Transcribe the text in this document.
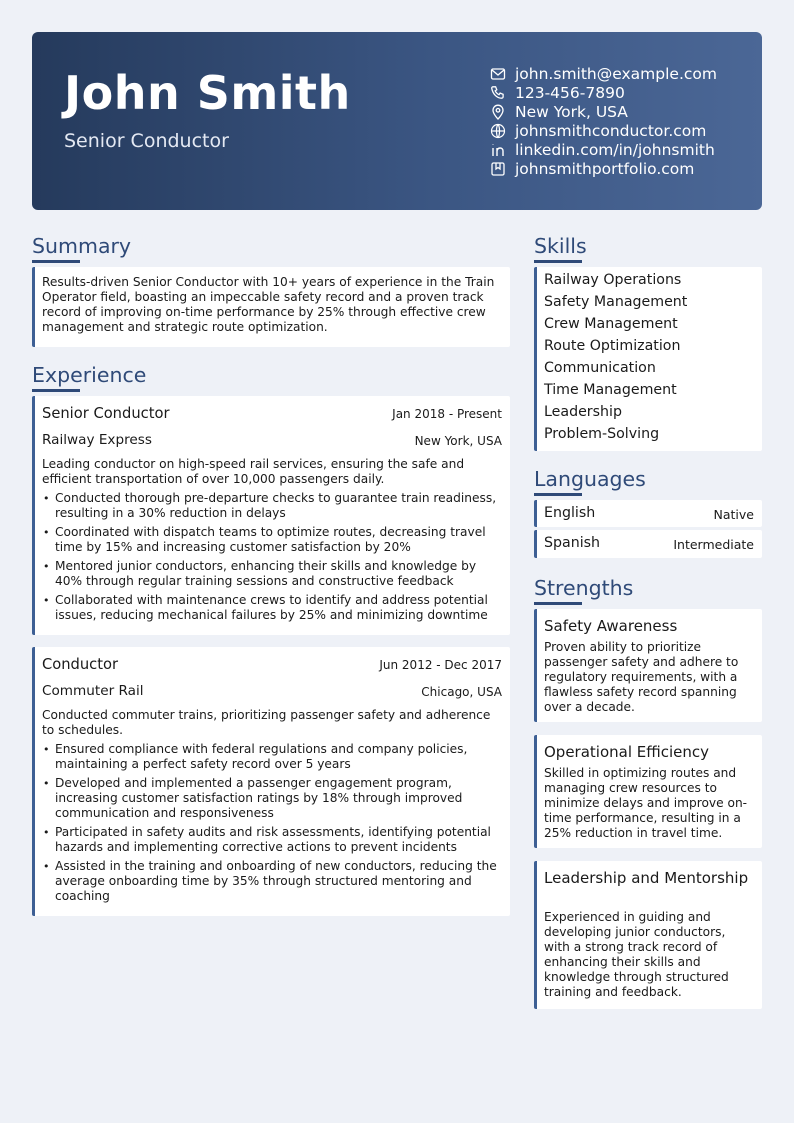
John Smith
Senior Conductor
john.smith@example.com
123-456-7890
New York, USA
johnsmithconductor.com
linkedin.com/in/johnsmith
johnsmithportfolio.com
Summary
Results-driven Senior Conductor with 10+ years of experience in the Train Operator field, boasting an impeccable safety record and a proven track record of improving on-time performance by 25% through effective crew management and strategic route optimization.
Experience
Senior Conductor	Jan 2018 - Present
Railway Express	New York, USA
Leading conductor on high-speed rail services, ensuring the safe and efficient transportation of over 10,000 passengers daily.
• Conducted thorough pre-departure checks to guarantee train readiness, resulting in a 30% reduction in delays
• Coordinated with dispatch teams to optimize routes, decreasing travel time by 15% and increasing customer satisfaction by 20%
• Mentored junior conductors, enhancing their skills and knowledge by 40% through regular training sessions and constructive feedback
• Collaborated with maintenance crews to identify and address potential issues, reducing mechanical failures by 25% and minimizing downtime
Conductor	Jun 2012 - Dec 2017
Commuter Rail	Chicago, USA
Conducted commuter trains, prioritizing passenger safety and adherence to schedules.
• Ensured compliance with federal regulations and company policies, maintaining a perfect safety record over 5 years
• Developed and implemented a passenger engagement program, increasing customer satisfaction ratings by 18% through improved communication and responsiveness
• Participated in safety audits and risk assessments, identifying potential hazards and implementing corrective actions to prevent incidents
• Assisted in the training and onboarding of new conductors, reducing the average onboarding time by 35% through structured mentoring and coaching
Skills
Railway Operations
Safety Management
Crew Management
Route Optimization
Communication
Time Management
Leadership
Problem-Solving
Languages
English	Native
Spanish	Intermediate
Strengths
Safety Awareness
Proven ability to prioritize passenger safety and adhere to regulatory requirements, with a flawless safety record spanning over a decade.
Operational Efficiency
Skilled in optimizing routes and managing crew resources to minimize delays and improve on-time performance, resulting in a 25% reduction in travel time.
Leadership and Mentorship
Experienced in guiding and developing junior conductors, with a strong track record of enhancing their skills and knowledge through structured training and feedback.
